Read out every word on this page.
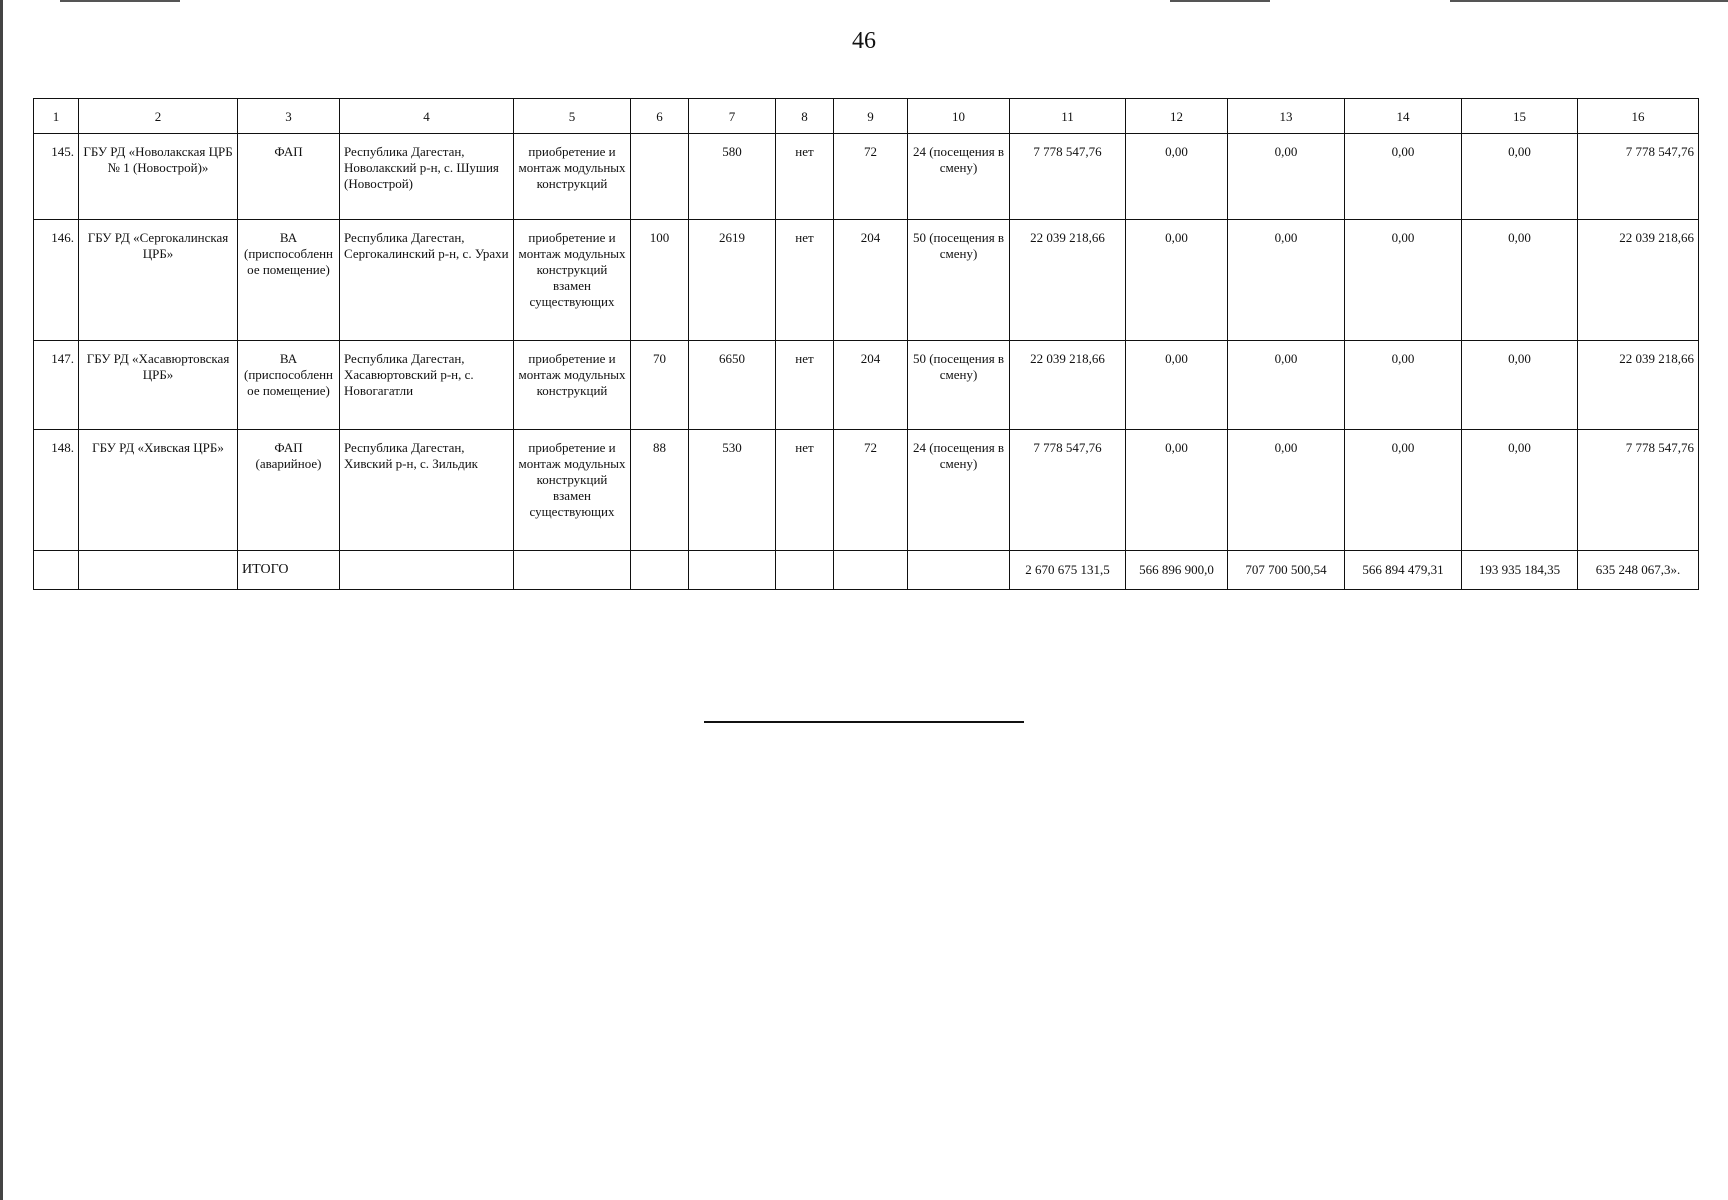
46
1	2	3	4	5	6	7	8	9	10	11	12	13	14	15	16
145.	ГБУ РД «Новолакская ЦРБ № 1 (Новострой)»	ФАП	Республика Дагестан, Новолакский р-н, с. Шушия (Новострой)	приобретение и монтаж модульных конструкций		580	нет	72	24 (посещения в смену)	7 778 547,76	0,00	0,00	0,00	0,00	7 778 547,76
146.	ГБУ РД «Сергокалинская ЦРБ»	ВА (приспособленное помещение)	Республика Дагестан, Сергокалинский р-н, с. Урахи	приобретение и монтаж модульных конструкций взамен существующих	100	2619	нет	204	50 (посещения в смену)	22 039 218,66	0,00	0,00	0,00	0,00	22 039 218,66
147.	ГБУ РД «Хасавюртовская ЦРБ»	ВА (приспособленное помещение)	Республика Дагестан, Хасавюртовский р-н, с. Новогагатли	приобретение и монтаж модульных конструкций	70	6650	нет	204	50 (посещения в смену)	22 039 218,66	0,00	0,00	0,00	0,00	22 039 218,66
148.	ГБУ РД «Хивская ЦРБ»	ФАП (аварийное)	Республика Дагестан, Хивский р-н, с. Зильдик	приобретение и монтаж модульных конструкций взамен существующих	88	530	нет	72	24 (посещения в смену)	7 778 547,76	0,00	0,00	0,00	0,00	7 778 547,76
		ИТОГО								2 670 675 131,5	566 896 900,0	707 700 500,54	566 894 479,31	193 935 184,35	635 248 067,3».
